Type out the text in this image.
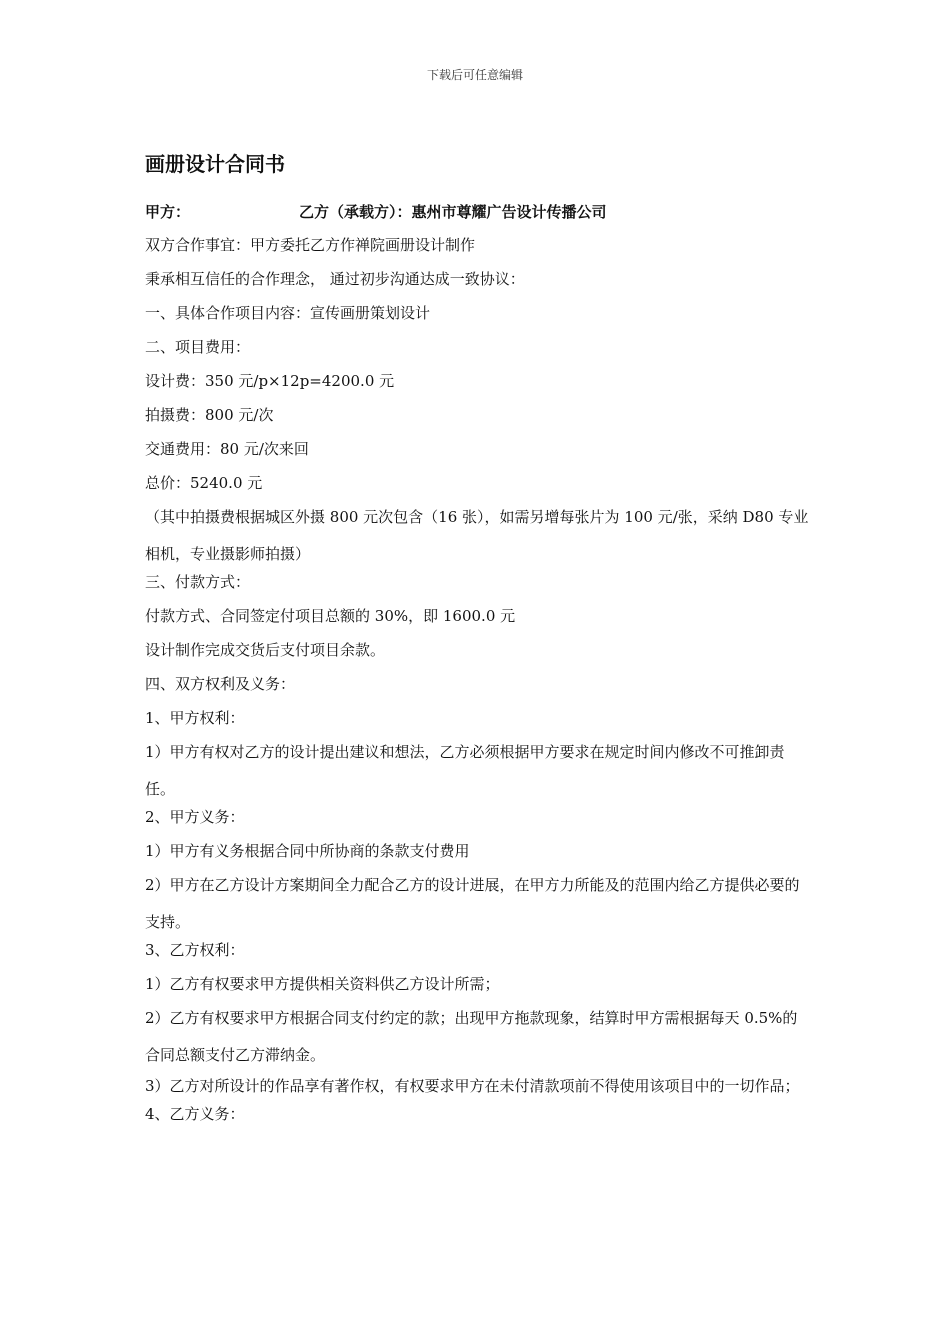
下载后可任意编辑
画册设计合同书
甲方：	乙方（承载方）：惠州市尊耀广告设计传播公司
双方合作事宜：甲方委托乙方作禅院画册设计制作
秉承相互信任的合作理念， 通过初步沟通达成一致协议：
一、具体合作项目内容：宣传画册策划设计
二、项目费用：
设计费：350 元/p×12p=4200.0 元
拍摄费：800 元/次
交通费用：80 元/次来回
总价：5240.0 元
（其中拍摄费根据城区外摄 800 元次包含（16 张），如需另增每张片为 100 元/张，采纳 D80 专业相机，专业摄影师拍摄）
三、付款方式：
付款方式、合同签定付项目总额的 30%，即 1600.0 元
设计制作完成交货后支付项目余款。
四、双方权利及义务：
1、甲方权利：
1）甲方有权对乙方的设计提出建议和想法，乙方必须根据甲方要求在规定时间内修改不可推卸责任。
2、甲方义务：
1）甲方有义务根据合同中所协商的条款支付费用
2）甲方在乙方设计方案期间全力配合乙方的设计进展，在甲方力所能及的范围内给乙方提供必要的支持。
3、乙方权利：
1）乙方有权要求甲方提供相关资料供乙方设计所需；
2）乙方有权要求甲方根据合同支付约定的款；出现甲方拖款现象，结算时甲方需根据每天 0.5%的合同总额支付乙方滞纳金。
3）乙方对所设计的作品享有著作权，有权要求甲方在未付清款项前不得使用该项目中的一切作品；
4、乙方义务：
